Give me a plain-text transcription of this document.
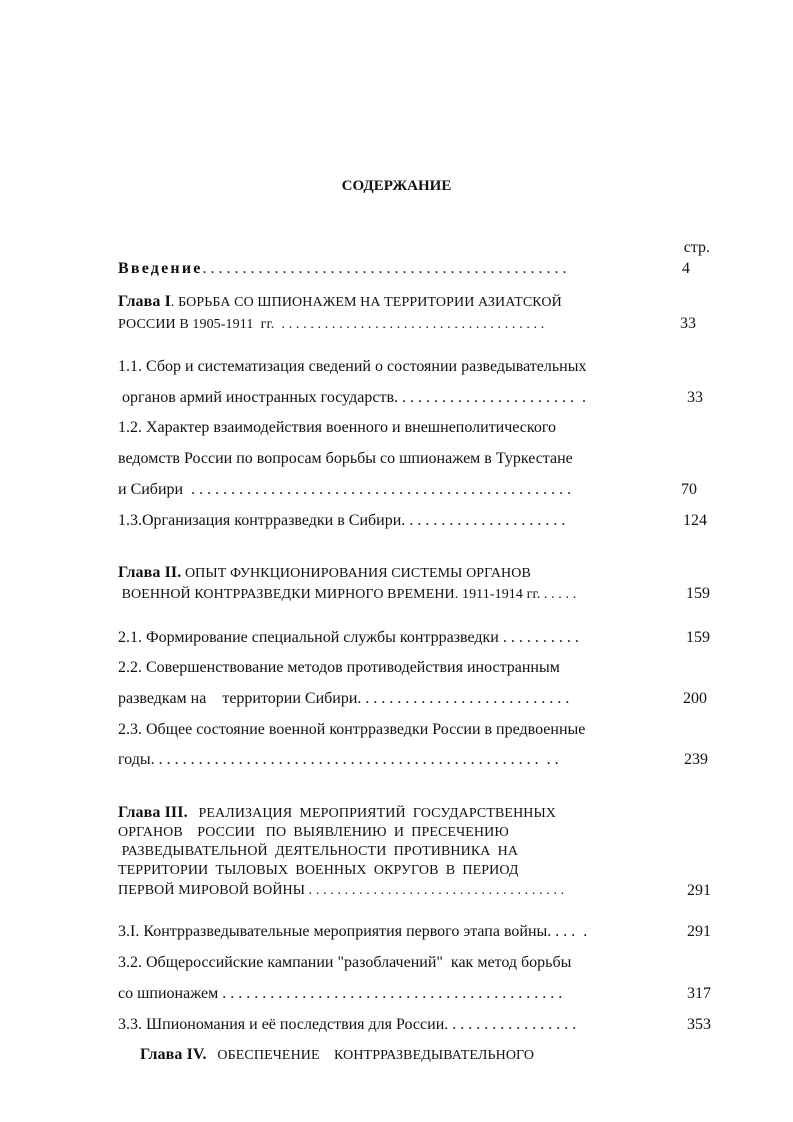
СОДЕРЖАНИЕ
стр.
Введение. . . . . . . . . . . . . . . . . . . . . . . . . . . . . . . . . . . . . . . . . . . . . .	4
Глава I. БОРЬБА СО ШПИОНАЖЕМ НА ТЕРРИТОРИИ АЗИАТСКОЙ
РОССИИ В 1905-1911  гг.  . . . . . . . . . . . . . . . . . . . . . . . . . . . . . . . . . . . . .	33
1.1. Сбор и систематизация сведений о состоянии разведывательных
органов армий иностранных государств. . . . . . . . . . . . . . . . . . . . . . .  .	33
1.2. Характер взаимодействия военного и внешнеполитического
ведомств России по вопросам борьбы со шпионажем в Туркестане
и Сибири  . . . . . . . . . . . . . . . . . . . . . . . . . . . . . . . . . . . . . . . . . . . . . . . .	70
1.3.Организация контрразведки в Сибири. . . . . . . . . . . . . . . . . . . . .	124
Глава II. ОПЫТ ФУНКЦИОНИРОВАНИЯ СИСТЕМЫ ОРГАНОВ
ВОЕННОЙ КОНТРРАЗВЕДКИ МИРНОГО ВРЕМЕНИ. 1911-1914 гг. . . . . .	159
2.1. Формирование специальной службы контрразведки . . . . . . . . . .	159
2.2. Совершенствование методов противодействия иностранным
разведкам на    территории Сибири. . . . . . . . . . . . . . . . . . . . . . . . . . .	200
2.3. Общее состояние военной контрразведки России в предвоенные
годы. . . . . . . . . . . . . . . . . . . . . . . . . . . . . . . . . . . . . . . . . . . . . . . . .  . .	239
Глава III.   РЕАЛИЗАЦИЯ  МЕРОПРИЯТИЙ  ГОСУДАРСТВЕННЫХ
ОРГАНОВ    РОССИИ   ПО  ВЫЯВЛЕНИЮ  И  ПРЕСЕЧЕНИЮ
РАЗВЕДЫВАТЕЛЬНОЙ  ДЕЯТЕЛЬНОСТИ  ПРОТИВНИКА  НА
ТЕРРИТОРИИ  ТЫЛОВЫХ  ВОЕННЫХ  ОКРУГОВ  В  ПЕРИОД
ПЕРВОЙ МИРОВОЙ ВОЙНЫ . . . . . . . . . . . . . . . . . . . . . . . . . . . . . . . . . . . .	291
3.I. Контрразведывательные мероприятия первого этапа войны. . . .  .	291
3.2. Общероссийские кампании "разоблачений"  как метод борьбы
со шпионажем . . . . . . . . . . . . . . . . . . . . . . . . . . . . . . . . . . . . . . . . . . .	317
3.3. Шпиономания и её последствия для России. . . . . . . . . . . . . . . . .	353
Глава IV.   ОБЕСПЕЧЕНИЕ    КОНТРРАЗВЕДЫВАТЕЛЬНОГО
